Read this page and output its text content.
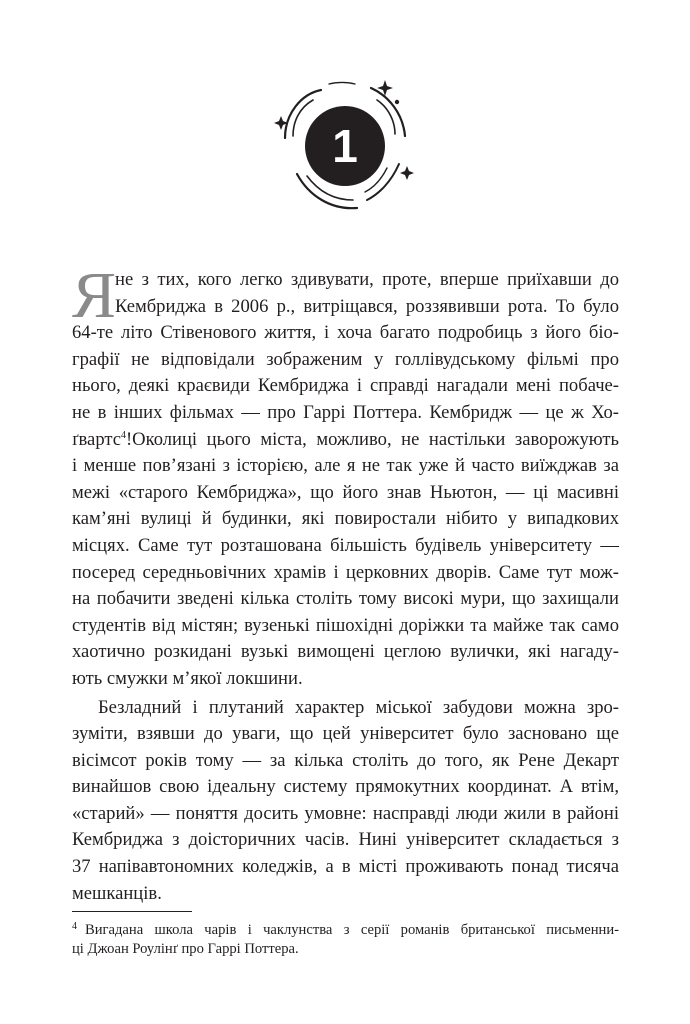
1
Я
не з тих, кого легко здивувати, проте, вперше приїхавши до
Кембриджа в 2006 р., витріщався, роззявивши рота. То було
64-те літо Стівенового життя, і хоча багато подробиць з його біо-
графії не відповідали зображеним у голлівудському фільмі про
нього, деякі краєвиди Кембриджа і справді нагадали мені побаче-
не в інших фільмах — про Гаррі Поттера. Кембридж — це ж Хо-
ґвартс$^4$!Околиці цього міста, можливо, не настільки заворожують
і менше пов’язані з історією, але я не так уже й часто виїжджав за
межі «старого Кембриджа», що його знав Ньютон, — ці масивні
кам’яні вулиці й будинки, які повиростали нібито у випадкових
місцях. Саме тут розташована більшість будівель університету —
посеред середньовічних храмів і церковних дворів. Саме тут мож-
на побачити зведені кілька століть тому високі мури, що захищали
студентів від містян; вузенькі пішохідні доріжки та майже так само
хаотично розкидані вузькі вимощені цеглою вулички, які нагаду-
ють смужки м’якої локшини.
Безладний і плутаний характер міської забудови можна зро-
зуміти, взявши до уваги, що цей університет було засновано ще
вісімсот років тому — за кілька століть до того, як Рене Декарт
винайшов свою ідеальну систему прямокутних координат. А втім,
«старий» — поняття досить умовне: насправді люди жили в районі
Кембриджа з доісторичних часів. Нині університет складається з
37 напівавтономних коледжів, а в місті проживають понад тисяча
мешканців.
$^4$ Вигадана школа чарів і чаклунства з серії романів британської письменни-
ці Джоан Роулінґ про Гаррі Поттера.
